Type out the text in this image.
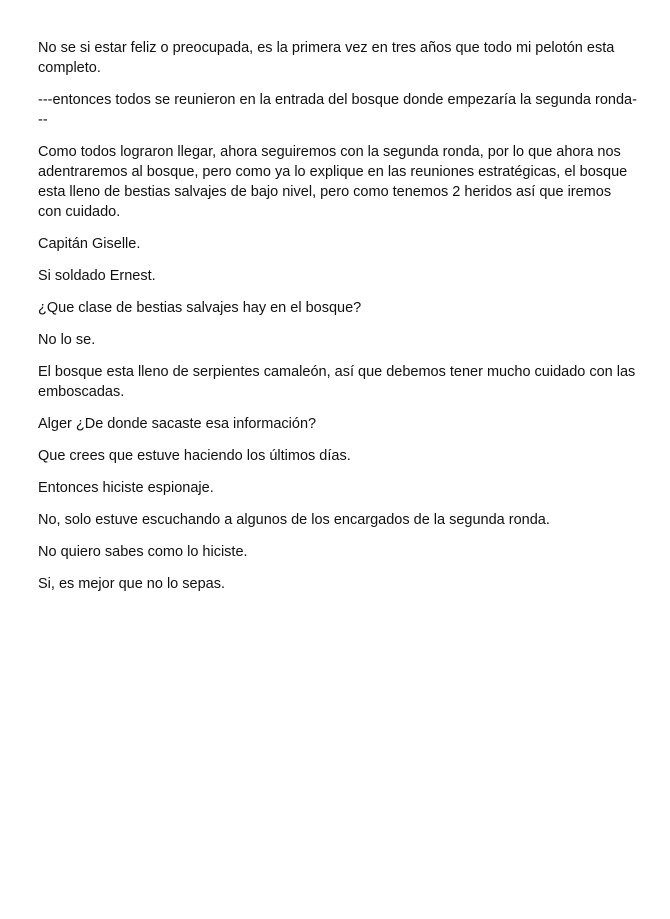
No se si estar feliz o preocupada, es la primera vez en tres años que todo mi pelotón esta completo.

---entonces todos se reunieron en la entrada del bosque donde empezaría la segunda ronda---

Como todos lograron llegar, ahora seguiremos con la segunda ronda, por lo que ahora nos adentraremos al bosque, pero como ya lo explique en las reuniones estratégicas, el bosque esta lleno de bestias salvajes de bajo nivel, pero como tenemos 2 heridos así que iremos con cuidado.

Capitán Giselle.

Si soldado Ernest.

¿Que clase de bestias salvajes hay en el bosque?

No lo se.

El bosque esta lleno de serpientes camaleón, así que debemos tener mucho cuidado con las emboscadas.

Alger ¿De donde sacaste esa información?

Que crees que estuve haciendo los últimos días.

Entonces hiciste espionaje.

No, solo estuve escuchando a algunos de los encargados de la segunda ronda.

No quiero sabes como lo hiciste.

Si, es mejor que no lo sepas.
